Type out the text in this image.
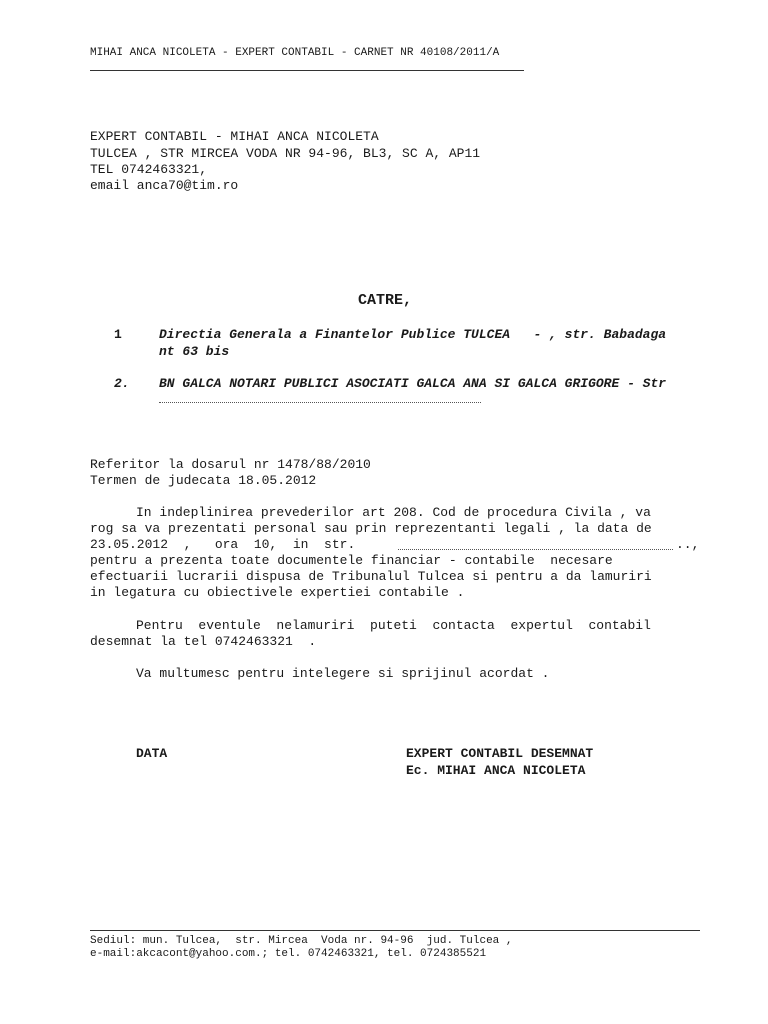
MIHAI ANCA NICOLETA - EXPERT CONTABIL - CARNET NR 40108/2011/A
EXPERT CONTABIL - MIHAI ANCA NICOLETA
TULCEA , STR MIRCEA VODA NR 94-96, BL3, SC A, AP11
TEL 0742463321,
email anca70@tim.ro
CATRE,
1	Directia Generala a Finantelor Publice TULCEA   - , str. Babadaga
nt 63 bis
2. BN GALCA NOTARI PUBLICI ASOCIATI GALCA ANA SI GALCA GRIGORE - Str
Referitor la dosarul nr 1478/88/2010
Termen de judecata 18.05.2012
In indeplinirea prevederilor art 208. Cod de procedura Civila , va
rog sa va prezentati personal sau prin reprezentanti legali , la data de
23.05.2012  ,   ora  10,  in  str.	..,
pentru a prezenta toate documentele financiar - contabile  necesare
efectuarii lucrarii dispusa de Tribunalul Tulcea si pentru a da lamuriri
in legatura cu obiectivele expertiei contabile .
Pentru  eventule  nelamuriri  puteti  contacta  expertul  contabil
desemnat la tel 0742463321  .
Va multumesc pentru intelegere si sprijinul acordat .
DATA	EXPERT CONTABIL DESEMNAT
Ec. MIHAI ANCA NICOLETA
Sediul: mun. Tulcea,  str. Mircea  Voda nr. 94-96  jud. Tulcea ,
e-mail:akcacont@yahoo.com.; tel. 0742463321, tel. 0724385521
